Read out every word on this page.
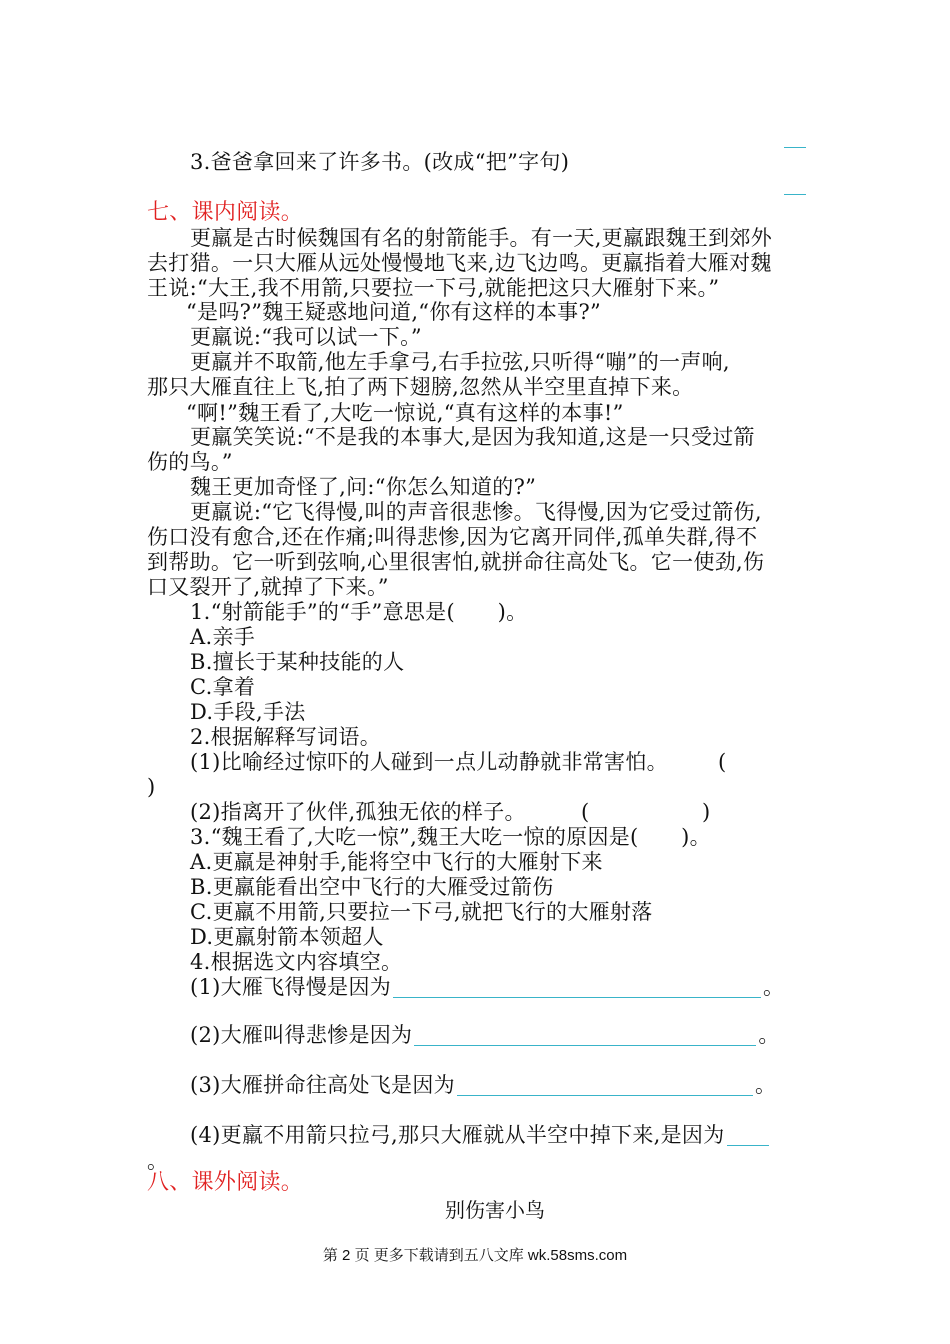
3.爸爸拿回来了许多书。(改成“把”字句)
七、课内阅读。
更羸是古时候魏国有名的射箭能手。有一天,更羸跟魏王到郊外
去打猎。一只大雁从远处慢慢地飞来,边飞边鸣。更羸指着大雁对魏
王说:“大王,我不用箭,只要拉一下弓,就能把这只大雁射下来。”
“是吗?”魏王疑惑地问道,“你有这样的本事?”
更羸说:“我可以试一下。”
更羸并不取箭,他左手拿弓,右手拉弦,只听得“嘣”的一声响,
那只大雁直往上飞,拍了两下翅膀,忽然从半空里直掉下来。
“啊!”魏王看了,大吃一惊说,“真有这样的本事!”
更羸笑笑说:“不是我的本事大,是因为我知道,这是一只受过箭
伤的鸟。”
魏王更加奇怪了,问:“你怎么知道的?”
更羸说:“它飞得慢,叫的声音很悲惨。飞得慢,因为它受过箭伤,
伤口没有愈合,还在作痛;叫得悲惨,因为它离开同伴,孤单失群,得不
到帮助。它一听到弦响,心里很害怕,就拼命往高处飞。它一使劲,伤
口又裂开了,就掉了下来。”
1.“射箭能手”的“手”意思是(　　)。
A.亲手
B.擅长于某种技能的人
C.拿着
D.手段,手法
2.根据解释写词语。
(1)比喻经过惊吓的人碰到一点儿动静就非常害怕。 (
)
(2)指离开了伙伴,孤独无依的样子。	(	)
3.“魏王看了,大吃一惊”,魏王大吃一惊的原因是(　　)。
A.更羸是神射手,能将空中飞行的大雁射下来
B.更羸能看出空中飞行的大雁受过箭伤
C.更羸不用箭,只要拉一下弓,就把飞行的大雁射落
D.更羸射箭本领超人
4.根据选文内容填空。
(1)大雁飞得慢是因为	。
(2)大雁叫得悲惨是因为	。
(3)大雁拼命往高处飞是因为	。
(4)更羸不用箭只拉弓,那只大雁就从半空中掉下来,是因为
。
八、课外阅读。
别伤害小鸟
第 2 页 更多下载请到五八文库 wk.58sms.com
